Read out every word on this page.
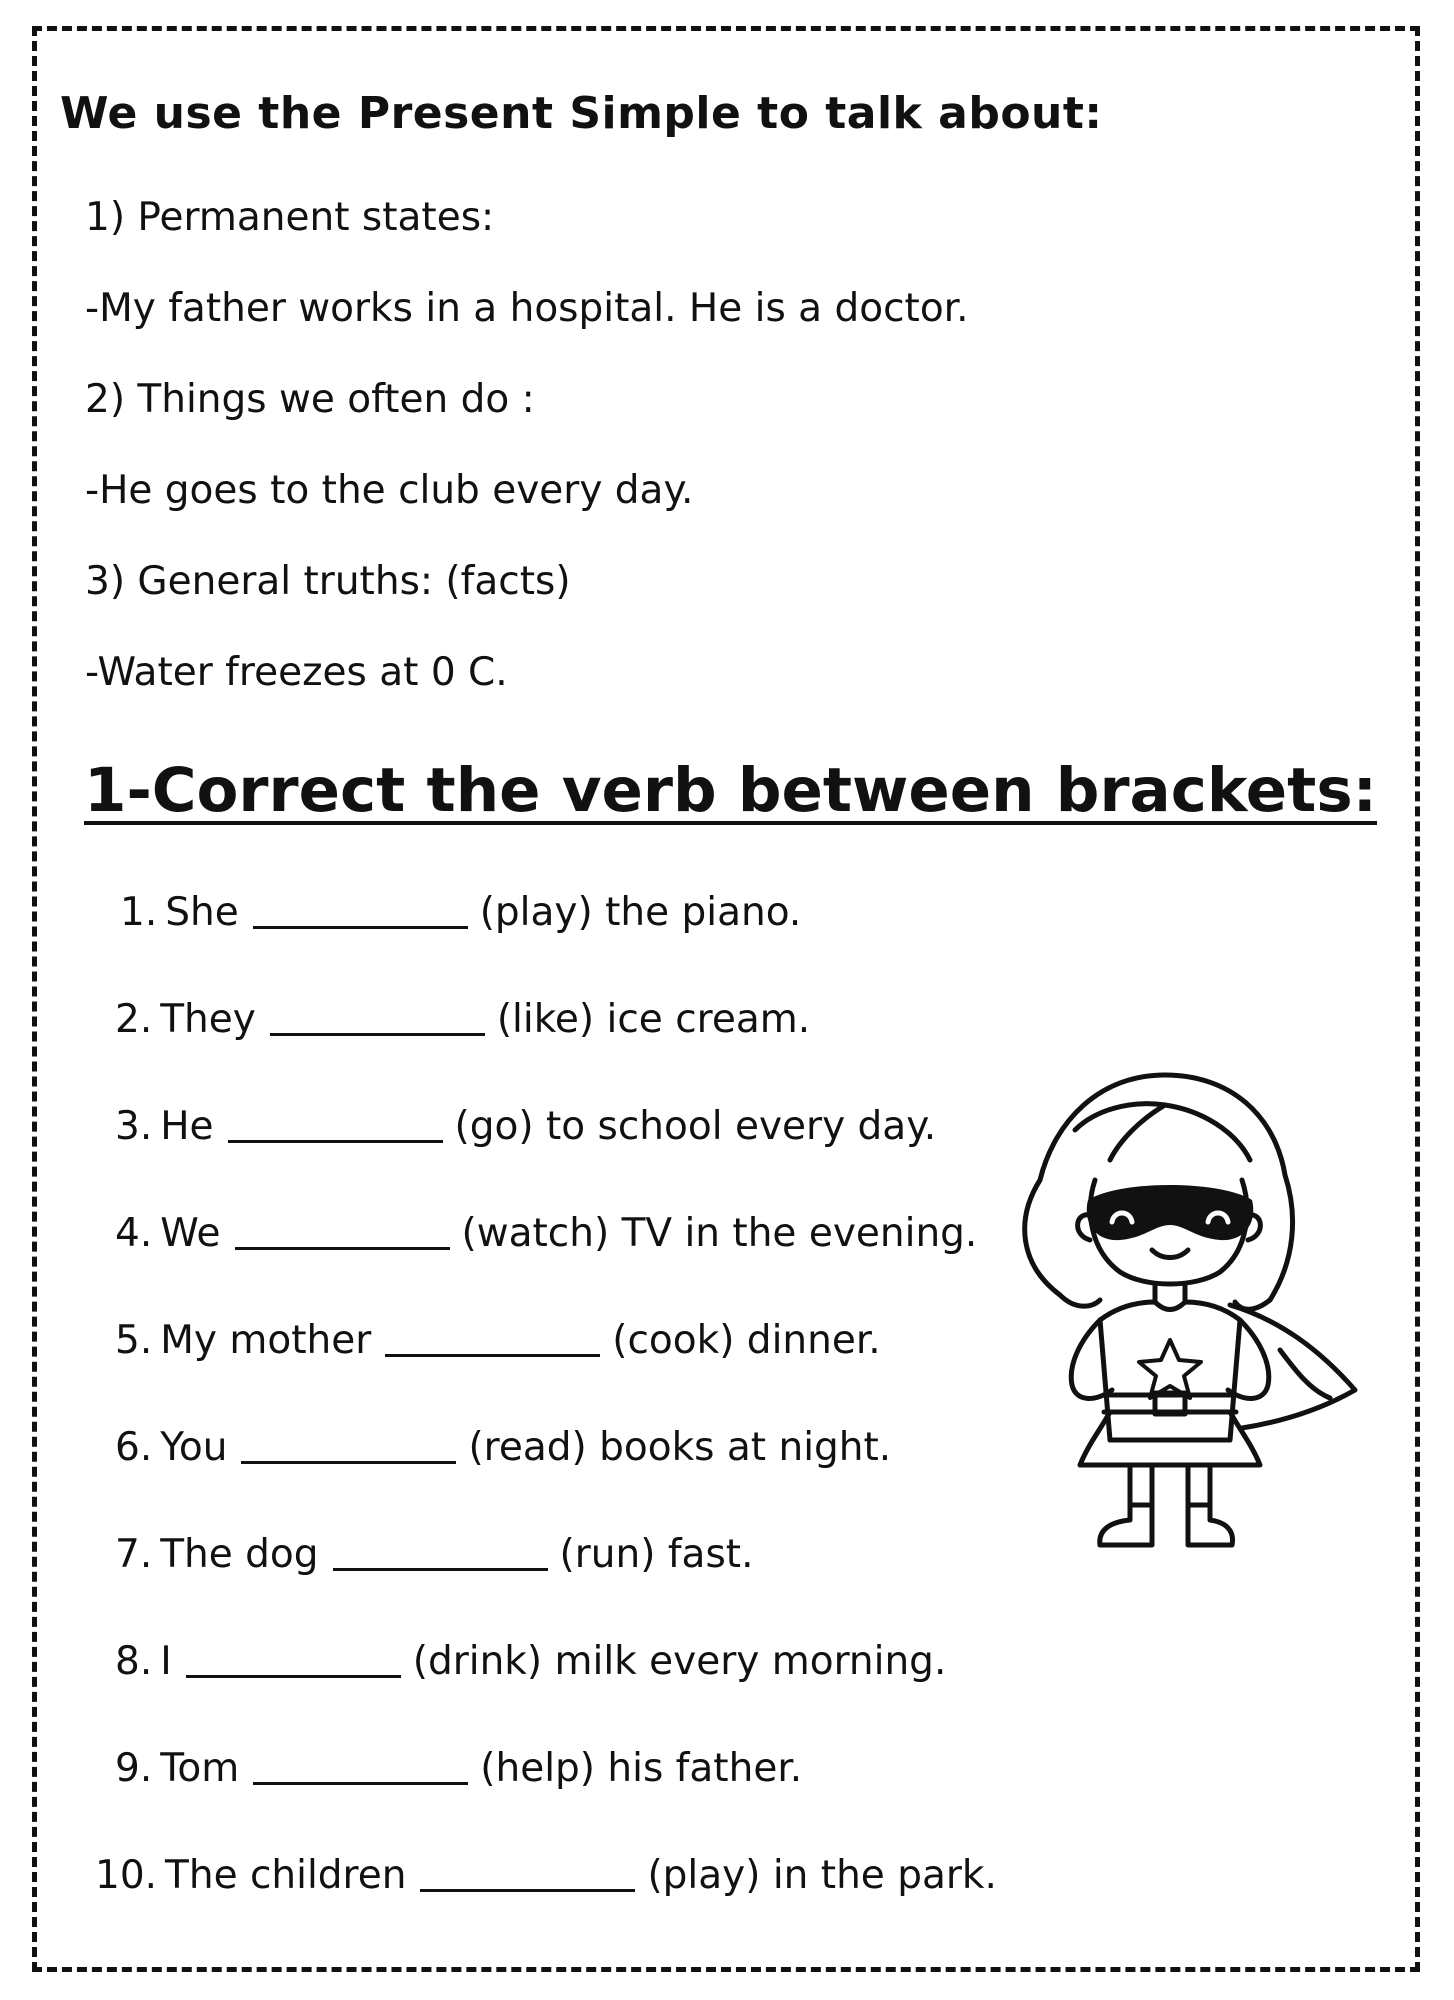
We use the Present Simple to talk about:
1) Permanent states:
-My father works in a hospital. He is a doctor.
2) Things we often do :
-He goes to the club every day.
3) General truths: (facts)
-Water freezes at 0 C.
1-Correct the verb between brackets:
1. She	(play) the piano.
2. They	(like) ice cream.
3. He	(go) to school every day.
4. We	(watch) TV in the evening.
5. My mother	(cook) dinner.
6. You	(read) books at night.
7. The dog	(run) fast.
8. I	(drink) milk every morning.
9. Tom	(help) his father.
10. The children	(play) in the park.
